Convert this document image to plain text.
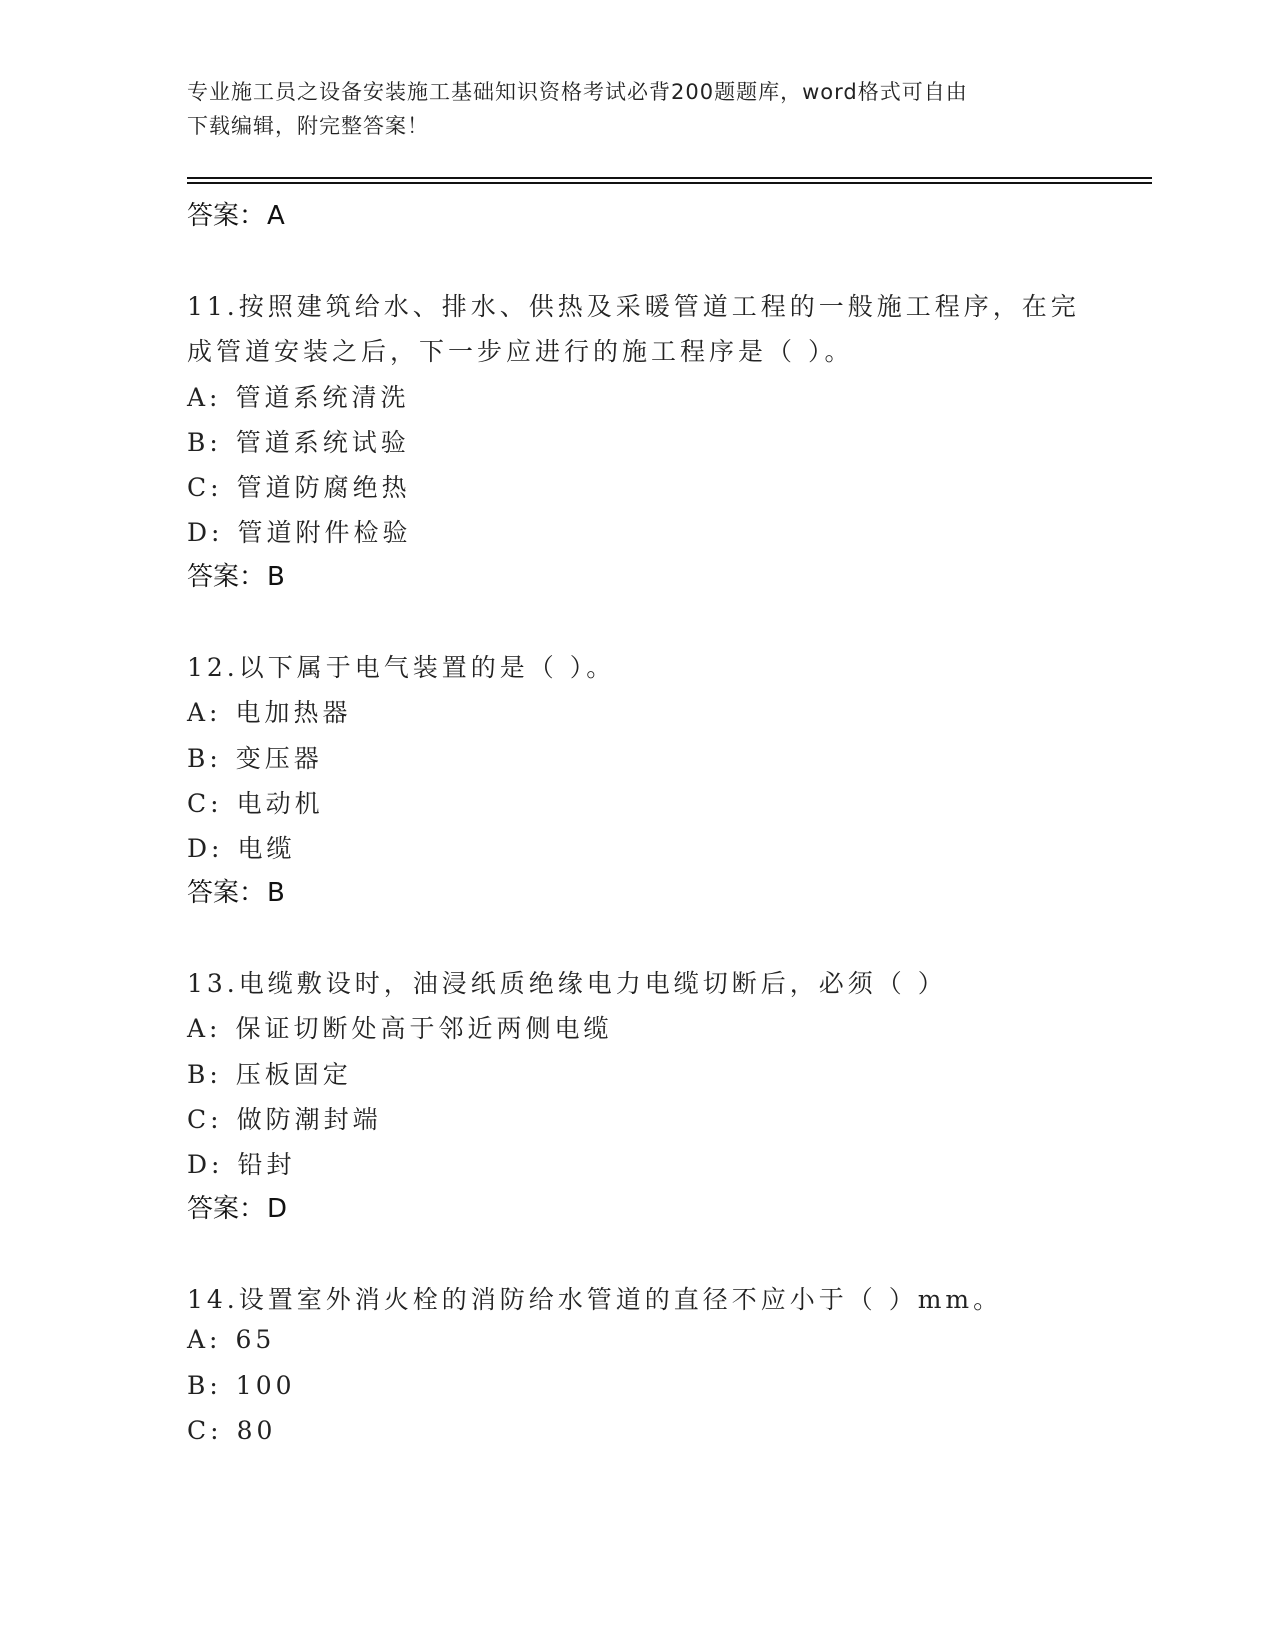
专业施工员之设备安装施工基础知识资格考试必背200题题库，word格式可自由
下载编辑，附完整答案！
答案：A
11.按照建筑给水、排水、供热及采暖管道工程的一般施工程序，在完
成管道安装之后，下一步应进行的施工程序是（ ）。
A: 管道系统清洗
B: 管道系统试验
C: 管道防腐绝热
D: 管道附件检验
答案：B
12.以下属于电气装置的是（ ）。
A: 电加热器
B: 变压器
C: 电动机
D: 电缆
答案：B
13.电缆敷设时，油浸纸质绝缘电力电缆切断后，必须（ ）
A: 保证切断处高于邻近两侧电缆
B: 压板固定
C: 做防潮封端
D: 铅封
答案：D
14.设置室外消火栓的消防给水管道的直径不应小于（ ）mm。
A: 65
B: 100
C: 80
